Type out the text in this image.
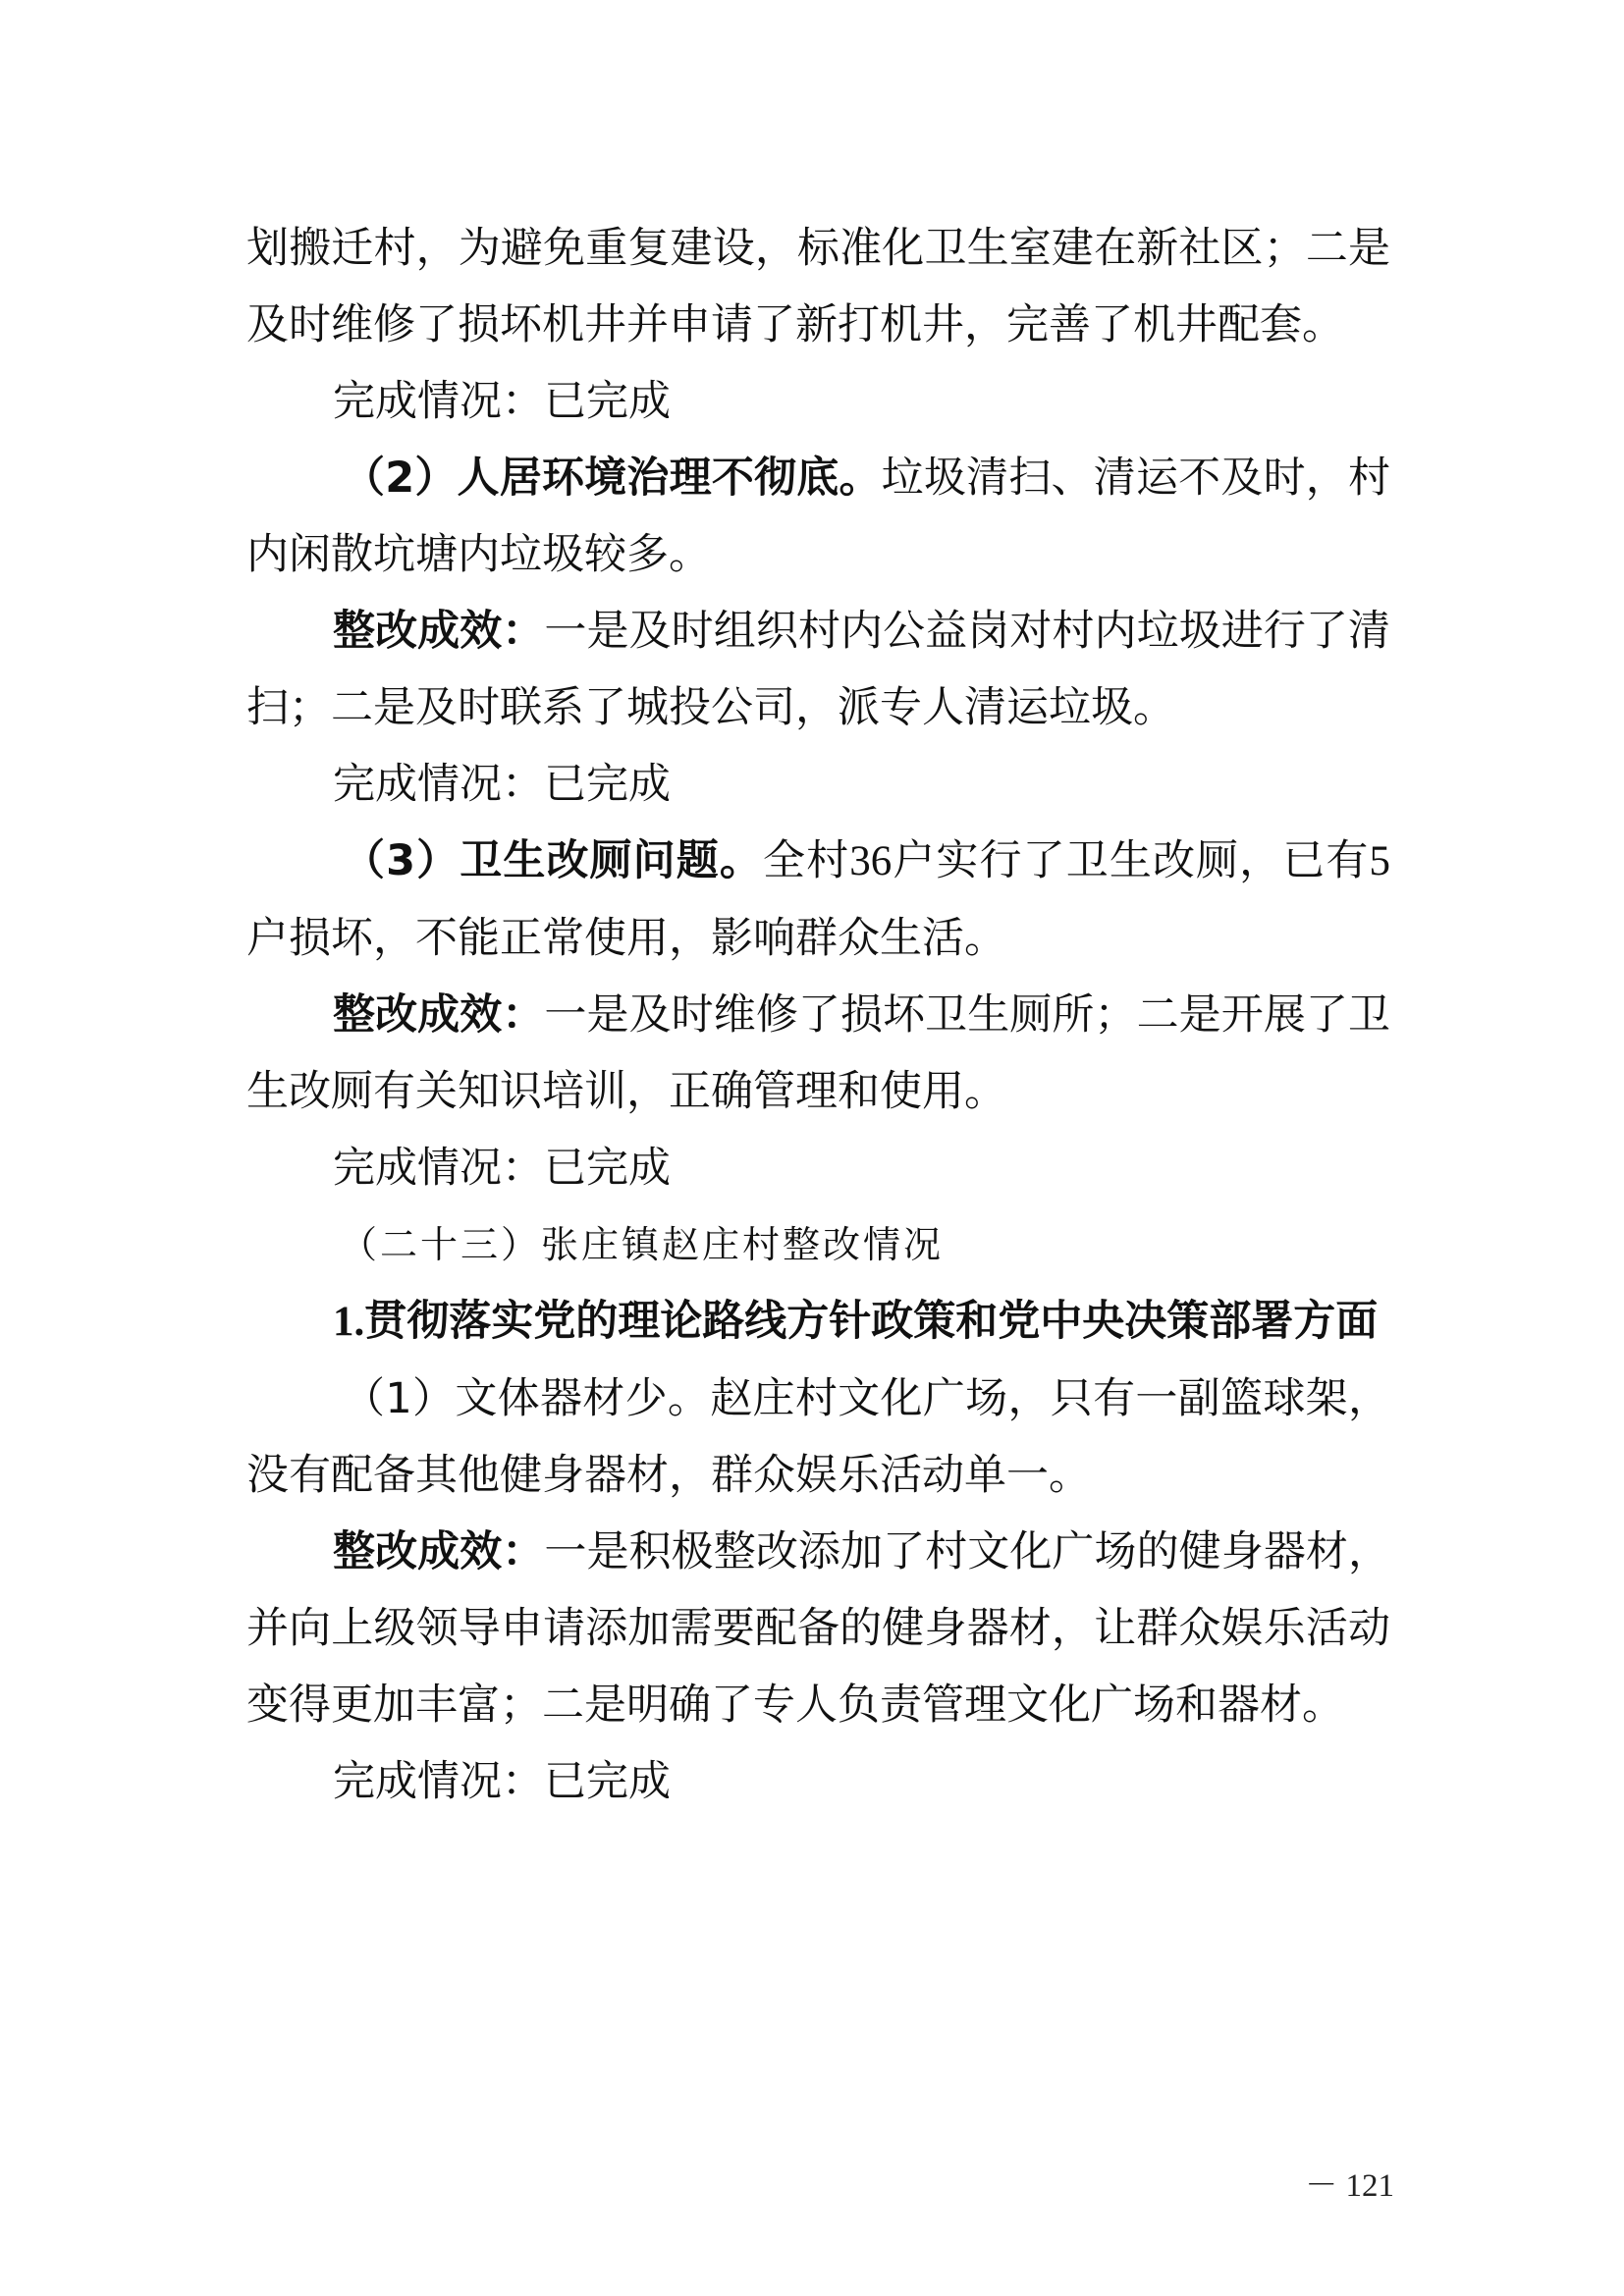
划搬迁村，为避免重复建设，标准化卫生室建在新社区；二是及时维修了损坏机井并申请了新打机井，完善了机井配套。

完成情况：已完成

（2）人居环境治理不彻底。垃圾清扫、清运不及时，村内闲散坑塘内垃圾较多。

整改成效：一是及时组织村内公益岗对村内垃圾进行了清扫；二是及时联系了城投公司，派专人清运垃圾。

完成情况：已完成

（3）卫生改厕问题。全村36户实行了卫生改厕，已有5户损坏，不能正常使用，影响群众生活。

整改成效：一是及时维修了损坏卫生厕所；二是开展了卫生改厕有关知识培训，正确管理和使用。

完成情况：已完成

（二十三）张庄镇赵庄村整改情况

1.贯彻落实党的理论路线方针政策和党中央决策部署方面

（1）文体器材少。赵庄村文化广场，只有一副篮球架，没有配备其他健身器材，群众娱乐活动单一。

整改成效：一是积极整改添加了村文化广场的健身器材，并向上级领导申请添加需要配备的健身器材，让群众娱乐活动变得更加丰富；二是明确了专人负责管理文化广场和器材。

完成情况：已完成

－ 121
